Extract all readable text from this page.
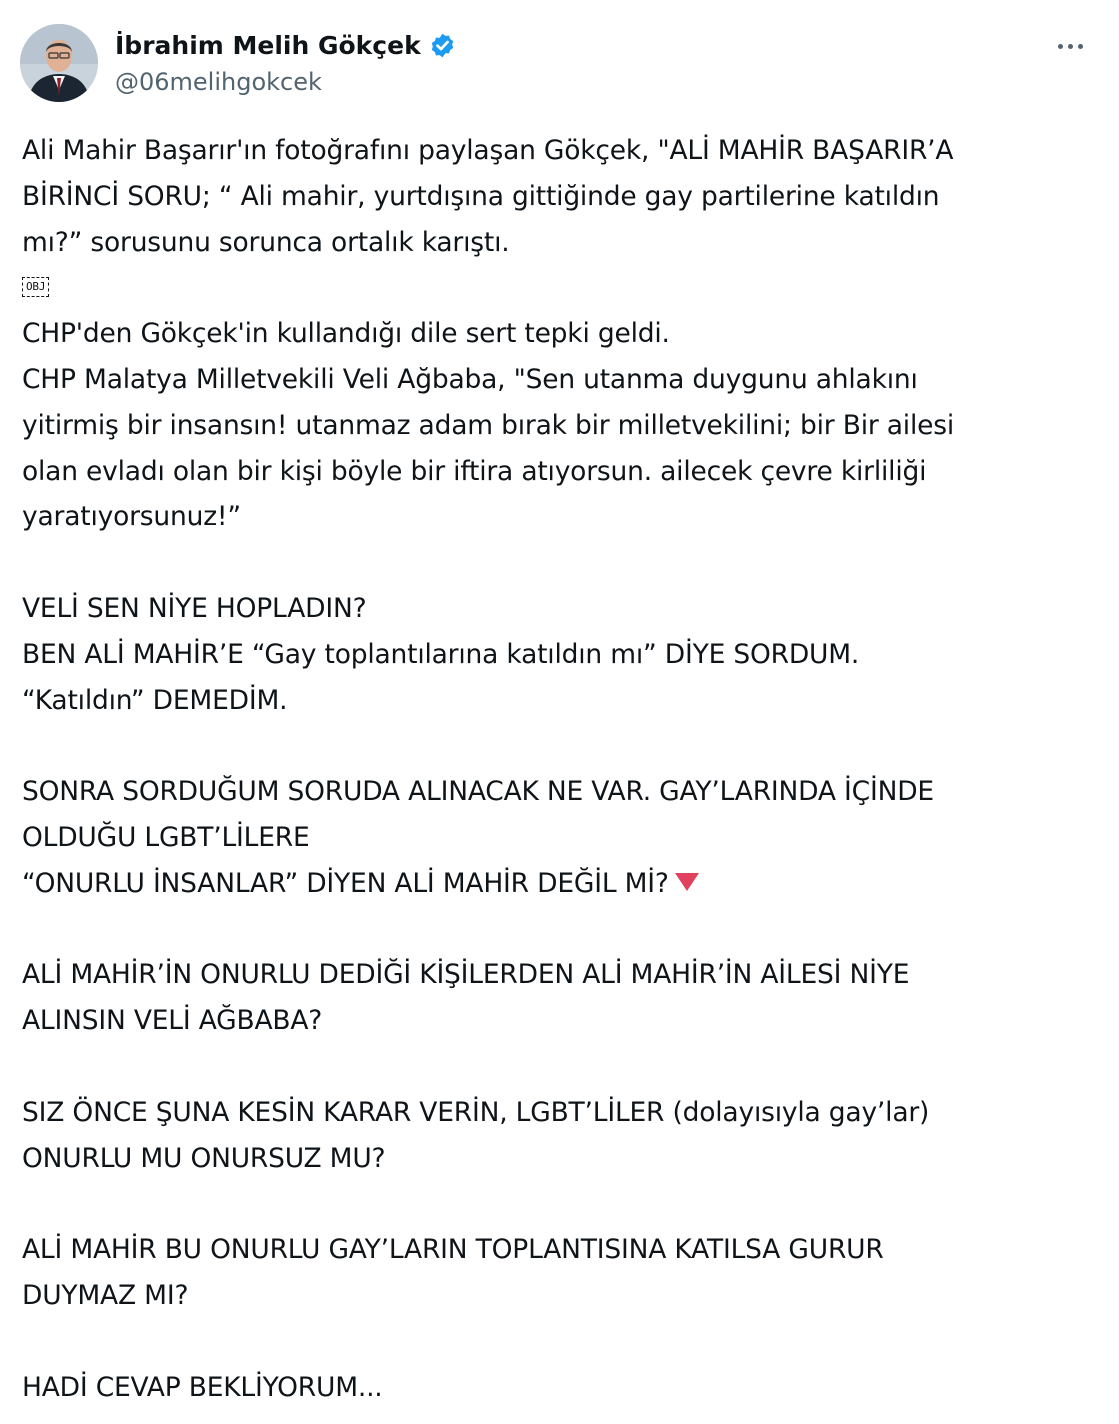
İbrahim Melih Gökçek
@06melihgokcek
Ali Mahir Başarır'ın fotoğrafını paylaşan Gökçek, "ALİ MAHİR BAŞARIR’A
BİRİNCİ SORU; “ Ali mahir, yurtdışına gittiğinde gay partilerine katıldın
mı?” sorusunu sorunca ortalık karıştı.
OBJ
CHP'den Gökçek'in kullandığı dile sert tepki geldi.
CHP Malatya Milletvekili Veli Ağbaba, "Sen utanma duygunu ahlakını
yitirmiş bir insansın! utanmaz adam bırak bir milletvekilini; bir Bir ailesi
olan evladı olan bir kişi böyle bir iftira atıyorsun. ailecek çevre kirliliği
yaratıyorsunuz!”
VELİ SEN NİYE HOPLADIN?
BEN ALİ MAHİR’E “Gay toplantılarına katıldın mı” DİYE SORDUM.
“Katıldın” DEMEDİM.
SONRA SORDUĞUM SORUDA ALINACAK NE VAR. GAY’LARINDA İÇİNDE
OLDUĞU LGBT’LİLERE
“ONURLU İNSANLAR” DİYEN ALİ MAHİR DEĞİL Mİ?
ALİ MAHİR’İN ONURLU DEDİĞİ KİŞİLERDEN ALİ MAHİR’İN AİLESİ NİYE
ALINSIN VELİ AĞBABA?
SIZ ÖNCE ŞUNA KESİN KARAR VERİN, LGBT’LİLER (dolayısıyla gay’lar)
ONURLU MU ONURSUZ MU?
ALİ MAHİR BU ONURLU GAY’LARIN TOPLANTISINA KATILSA GURUR
DUYMAZ MI?
HADİ CEVAP BEKLİYORUM...
